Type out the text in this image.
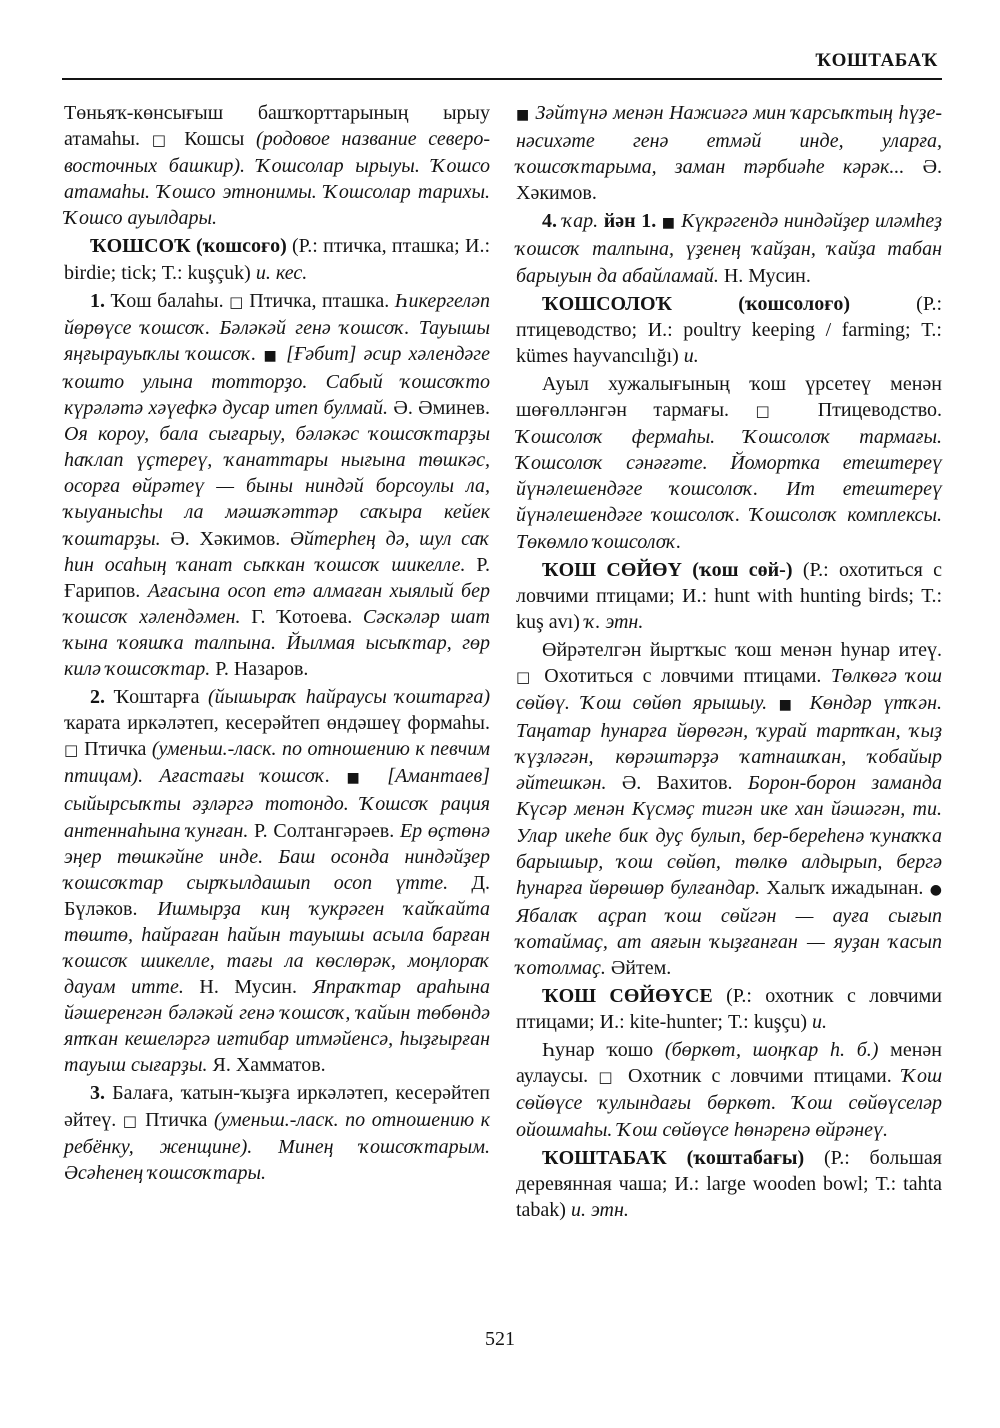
ҠОШТАБАҠ

Төньяҡ-көнсығыш башҡорттарының ырыу атамаһы. □ Кошсы (родовое название северо-восточных башкир). Ҡошсолар ырыуы. Ҡошсо атамаһы. Ҡошсо этнонимы. Ҡошсолар тарихы. Ҡошсо ауылдары.

ҠОШСОҠ (ҡошсоғо) (Р.: птичка, пташка; И.: birdie; tick; Т.: kuşçuk) и. кес.

1. Ҡош балаһы. □ Птичка, пташка. Һикергеләп йөрөүсе ҡошсоҡ. Бәләкәй генә ҡошсоҡ. Тауышы яңғырауыҡлы ҡошсоҡ. ■ [Ғәбит] әсир хәлендәге ҡошто улына тотторҙо. Сабый ҡошсоҡто күрәләтә хәүефкә дусар итеп булмай. Ә. Әминев. Оя короу, бала сығарыу, бәләкәс ҡошсоҡтарҙы һаҡлап үҫтереү, ҡанаттары нығына төшкәс, осорға өйрәтеү — быны ниндәй борсоулы ла, ҡыуанысһы ла мәшәҡәттәр саҡыра кейек ҡоштарҙы. Ә. Хәкимов. Әйтерһең дә, шул саҡ һин осаһың ҡанат сыҡкан ҡошсоҡ шикелле. Р. Ғарипов. Ағасына осоп етә алмаған хыялый бер ҡошсоҡ хәлендәмен. Г. Ҡотоева. Сәскәләр шат ҡына ҡояшҡа талпына. Йылмая ысыҡтар, гөр килә ҡошсоҡтар. Р. Назаров.

2. Ҡоштарға (йышыраҡ һайраусы ҡоштарға) ҡарата иркәләтеп, кесерәйтеп өндәшеү формаһы. □ Птичка (уменьш.-ласк. по отношению к певчим птицам). Ағастағы ҡошсоҡ. ■ [Амантаев] сыйырсыҡты әҙләргә тотондо. Ҡошсоҡ рация антеннаһына ҡунған. Р. Солтангәрәев. Ер өҫтөнә эңер төшкәйне инде. Баш осонда ниндәйҙер ҡошсоҡтар сырҡылдашып осоп үтте. Д. Бүләков. Ишмырҙа киң ҡукрәген ҡайҡайта төштө, һайраған һайын тауышы асыла барған ҡошсоҡ шикелле, тағы ла көслөрәк, моңлораҡ дауам итте. Н. Мусин. Япраҡтар араһына йәшеренгән бәләкәй генә ҡошсоҡ, ҡайын төбөндә ятҡан кешеләргә иғтибар итмәйенсә, һыҙғырған тауыш сығарҙы. Я. Хамматов.

3. Балаға, ҡатын-ҡыҙға иркәләтеп, кесерәйтеп әйтеү. □ Птичка (уменьш.-ласк. по отношению к ребёнку, женщине). Минең ҡошсоҡтарым. Әсәһенең ҡошсоҡтары.

■ Зәйтүнә менән Нажиәгә мин ҡарсыҡтың һүҙе-нәсихәте генә етмәй инде, уларға, ҡошсоҡтарыма, заман тәрбиәһе кәрәк... Ә. Хәкимов.

4. ҡар. йән 1. ■ Күкрәгендә ниндәйҙер иләмһеҙ ҡошсоҡ талпына, үҙенең ҡайҙан, ҡайҙа табан барыуын да абайламай. Н. Мусин.

ҠОШСОЛОҠ	(ҡошсолоғо)	(Р.: птицеводство; И.: poultry keeping / farming; Т.: kümes hayvancılığı) и.

Ауыл хужалығының ҡош үрсетеү менән шөғөлләнгән тармағы. □ Птицеводство. Ҡошсолоҡ фермаһы. Ҡошсолоҡ тармағы. Ҡошсолоҡ сәнәғәте. Йоморткa етештереү йүнәлешендәге ҡошсолоҡ. Ит етештереү йүнәлешендәге ҡошсолоҡ. Ҡошсолоҡ комплексы. Төкөмло ҡошсолоҡ.

ҠОШ СӨЙӨҮ (ҡош сөй-) (Р.: охотиться с ловчими птицами; И.: hunt with hunting birds; Т.: kuş avı) ҡ. этн.

Өйрәтелгән йыртҡыс ҡош менән һунар итеү. □ Охотиться с ловчими птицами. Төлкөгә ҡош сөйөү. Ҡош сөйөп ярышыу. ■ Көндәр үтҡән. Таңатар һунарға йөрөгән, ҡурай тартҡан, ҡыҙ ҡүҙләгән, көрәштәрҙә ҡатнашҡан, ҡобайыр әйтешкән. Ә. Вахитов. Борон-борон заманда Күсәр менән Күсмәҫ тигән ике хан йәшәгән, ти. Улар икеһе бик дуҫ булып, бер-береһенә ҡунаҡҡа барышыр, ҡош сөйөп, төлкө алдырып, бергә һунарға йөрөшөр булғандар. Халыҡ ижадынан. ● Ябалаҡ аҫрап ҡош сөйгән — ауға сығып ҡотаймаҫ, ат аяғын ҡыҙғанған — яуҙан ҡасып ҡотолмаҫ. Әйтем.

ҠОШ СӨЙӨҮСЕ (Р.: охотник с ловчими птицами; И.: kite-hunter; Т.: kuşçu) и.

Һунар ҡошо (бөркөт, шоңҡар һ. б.) менән аулаусы. □ Охотник с ловчими птицами. Ҡош сөйөүсе ҡулындағы бөркөт. Ҡош сөйөүселәр ойошмаһы. Ҡош сөйөүсе һөнәренә өйрәнеү.

ҠОШТАБАҠ (ҡоштабағы) (Р.: большая деревянная чаша; И.: large wooden bowl; Т.: tahta tabak) и. этн.

521
